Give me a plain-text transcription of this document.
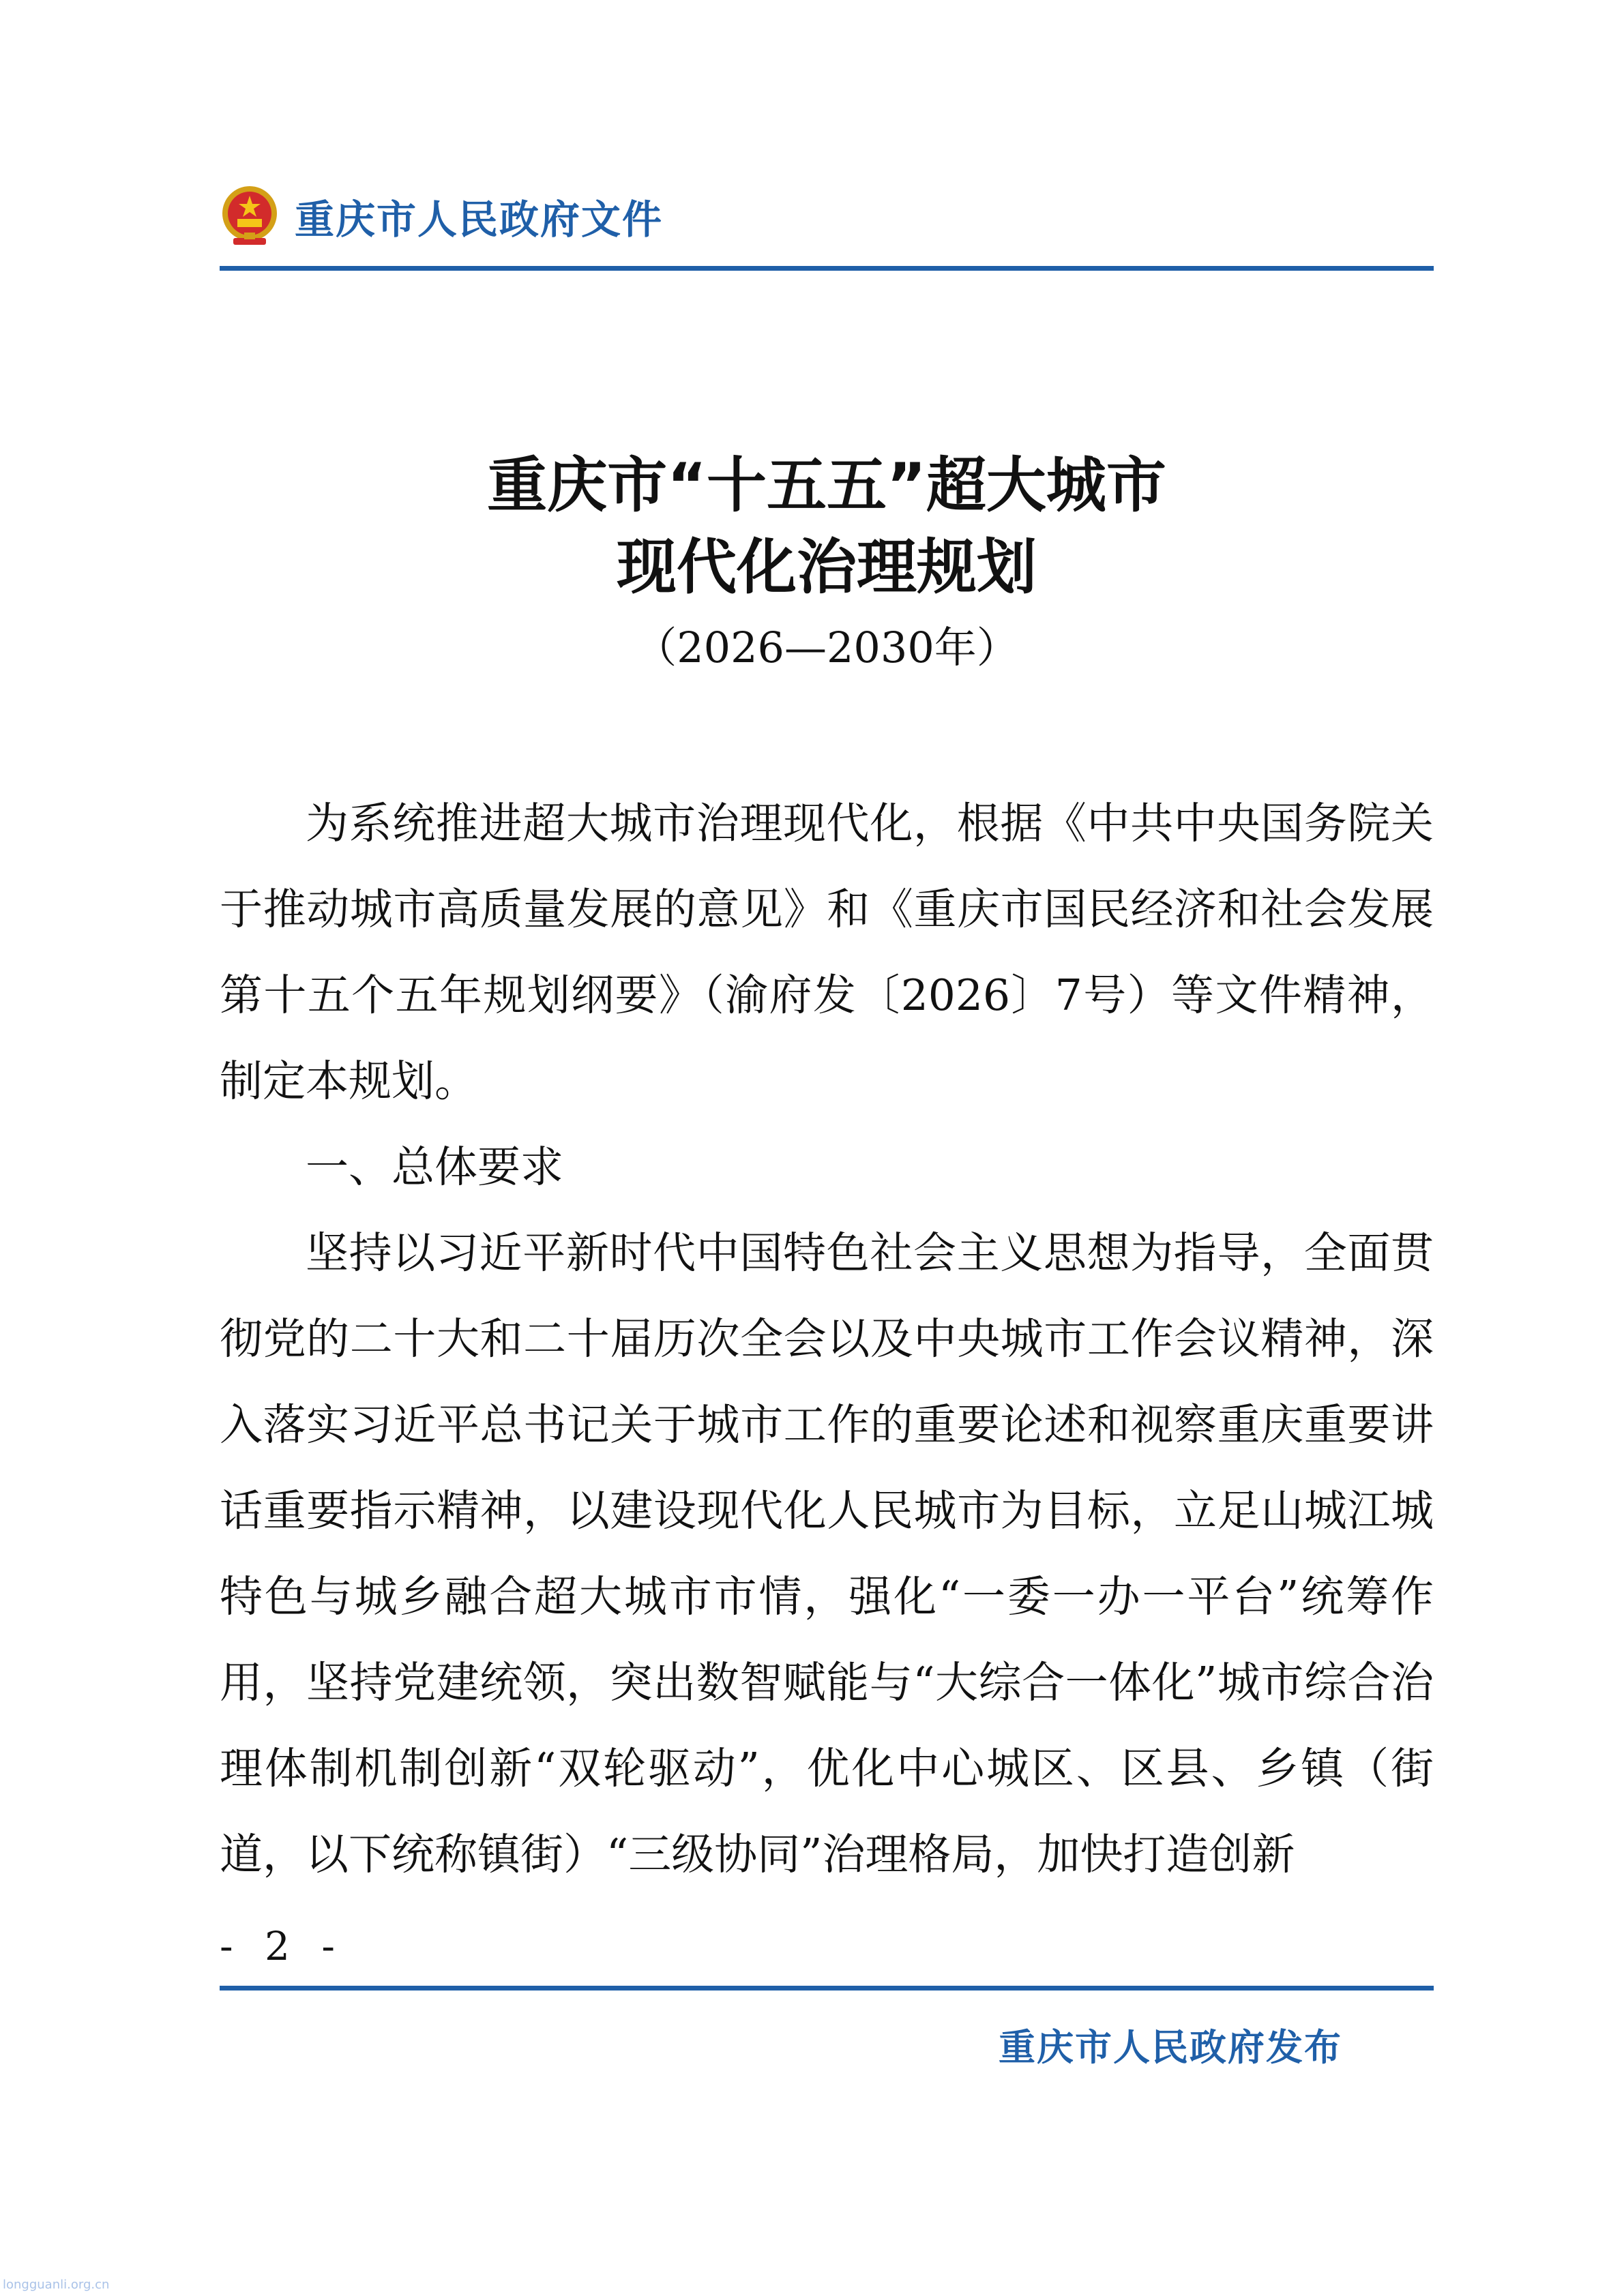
重庆市人民政府文件
重庆市“十五五”超大城市
现代化治理规划
（2026—2030年）

为系统推进超大城市治理现代化，根据《中共中央国务院关于推动城市高质量发展的意见》和《重庆市国民经济和社会发展第十五个五年规划纲要》（渝府发〔2026〕7号）等文件精神，制定本规划。

一、总体要求

坚持以习近平新时代中国特色社会主义思想为指导，全面贯彻党的二十大和二十届历次全会以及中央城市工作会议精神，深入落实习近平总书记关于城市工作的重要论述和视察重庆重要讲话重要指示精神，以建设现代化人民城市为目标，立足山城江城特色与城乡融合超大城市市情，强化“一委一办一平台”统筹作用，坚持党建统领，突出数智赋能与“大综合一体化”城市综合治理体制机制创新“双轮驱动”，优化中心城区、区县、乡镇（街道，以下统称镇街）“三级协同”治理格局，加快打造创新

- 2 -
重庆市人民政府发布
longguanli.org.cn
